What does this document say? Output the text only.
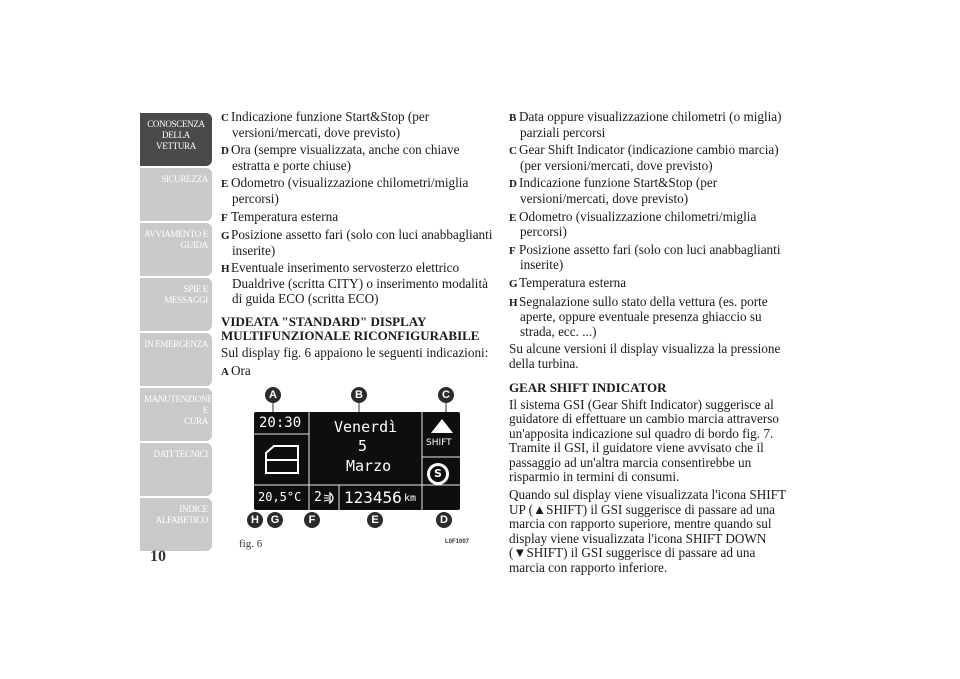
CONOSCENZA
DELLA VETTURA
SICUREZZA
AVVIAMENTO E
GUIDA
SPIE E MESSAGGI
IN EMERGENZA
MANUTENZIONE E
CURA
DATI TECNICI
INDICE
ALFABETICO
10
C Indicazione funzione Start&Stop (per versioni/mercati, dove previsto)
D Ora (sempre visualizzata, anche con chiave estratta e porte chiuse)
E Odometro (visualizzazione chilometri/miglia percorsi)
F Temperatura esterna
GPosizione assetto fari (solo con luci anabbaglianti inserite)
HEventuale inserimento servosterzo elettrico Dualdrive (scritta CITY) o inserimento modalità di guida ECO (scritta ECO)
VIDEATA "STANDARD" DISPLAY MULTIFUNZIONALE RICONFIGURABILE
Sul display fig. 6 appaiono le seguenti indicazioni:
A Ora
B Data oppure visualizzazione chilometri (o miglia) parziali percorsi
C Gear Shift Indicator (indicazione cambio marcia) (per versioni/mercati, dove previsto)
D Indicazione funzione Start&Stop (per versioni/mercati, dove previsto)
E Odometro (visualizzazione chilometri/miglia percorsi)
F Posizione assetto fari (solo con luci anabbaglianti inserite)
GTemperatura esterna
HSegnalazione sullo stato della vettura (es. porte aperte, oppure eventuale presenza ghiaccio su strada, ecc. ...)
Su alcune versioni il display visualizza la pressione della turbina.
GEAR SHIFT INDICATOR
Il sistema GSI (Gear Shift Indicator) suggerisce al guidatore di effettuare un cambio marcia attraverso un'apposita indicazione sul quadro di bordo fig. 7. Tramite il GSI, il guidatore viene avvisato che il passaggio ad un'altra marcia consentirebbe un risparmio in termini di consumi.
Quando sul display viene visualizzata l'icona SHIFT UP (▲SHIFT) il GSI suggerisce di passare ad una marcia con rapporto superiore, mentre quando sul display viene visualizzata l'icona SHIFT DOWN (▼SHIFT) il GSI suggerisce di passare ad una marcia con rapporto inferiore.
20:30 Venerdì
5
Marzo
SHIFT
S
20,5°C 2 123456 km
A	B	C
H	G	F	E	D
fig. 6	L0F1007
